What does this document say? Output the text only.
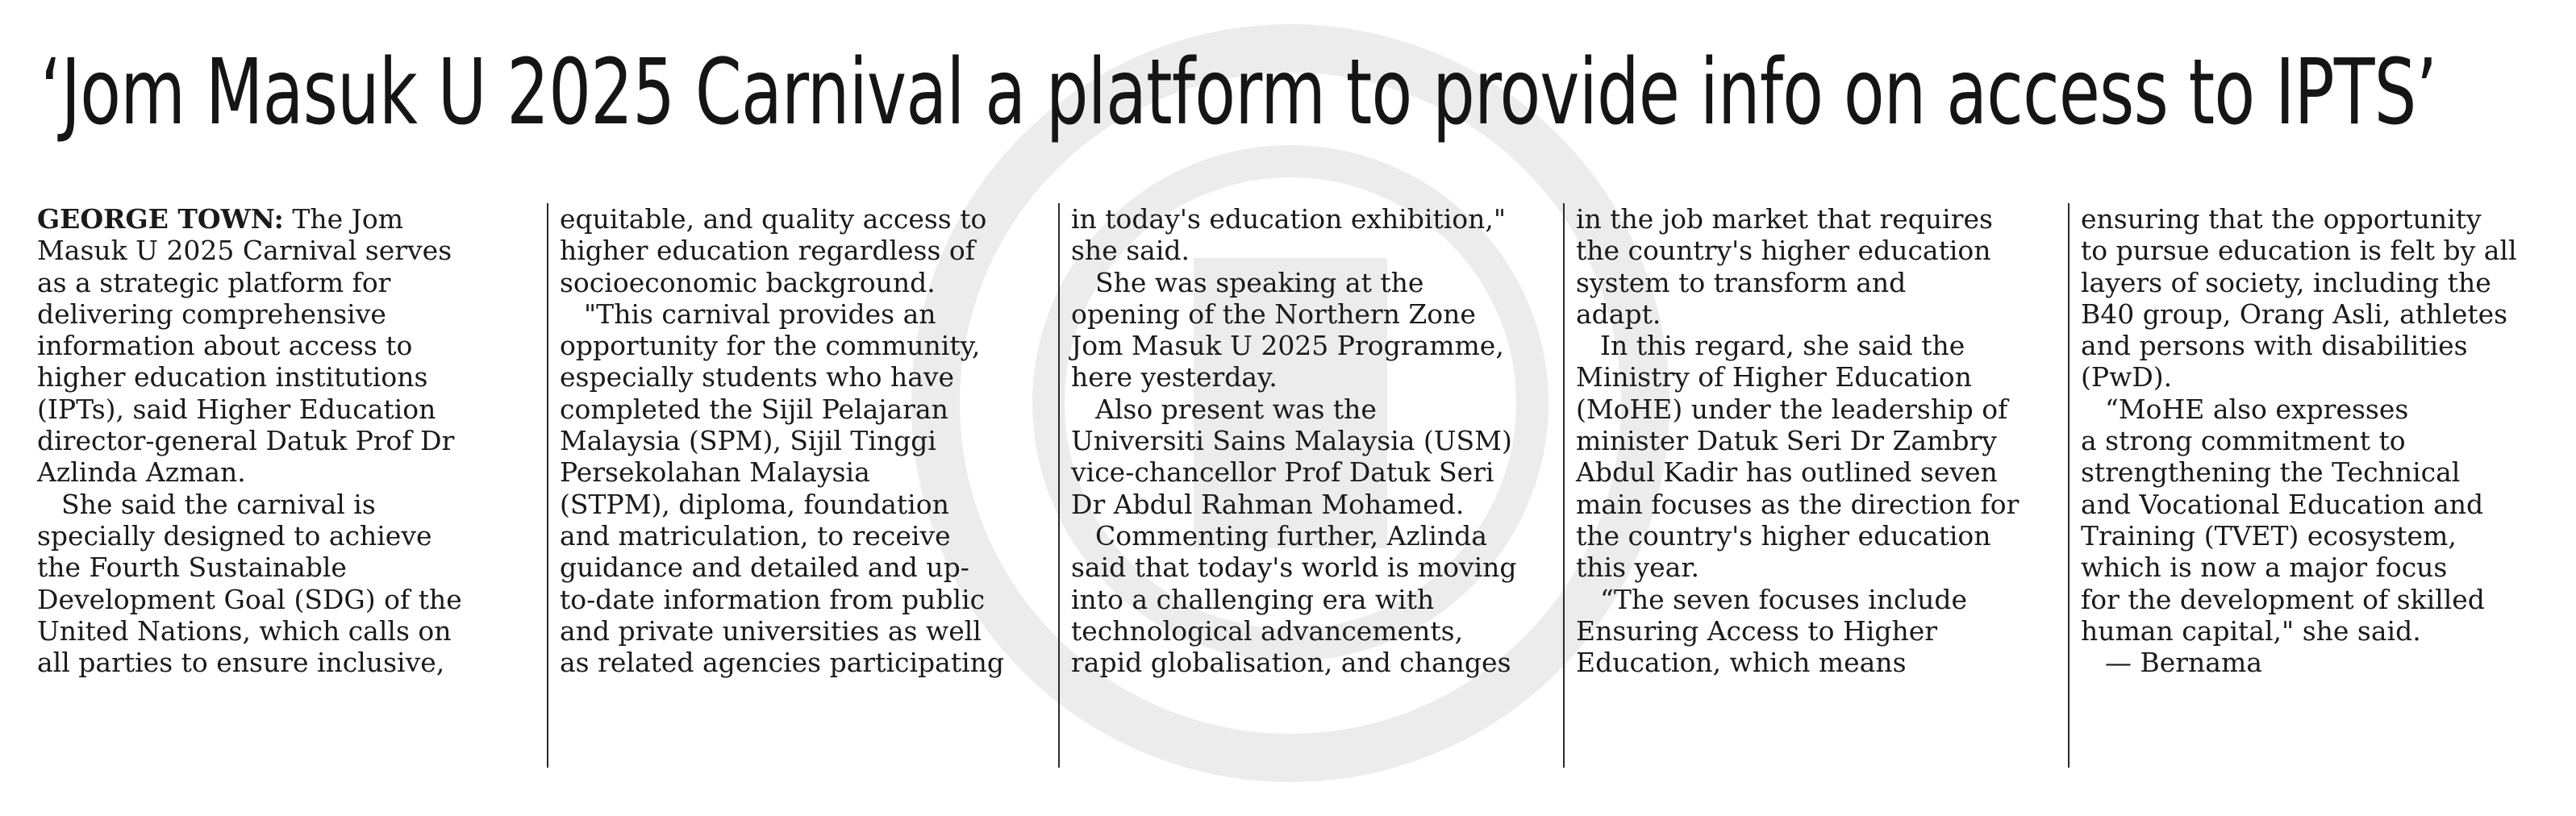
‘Jom Masuk U 2025 Carnival a platform to provide info on access to IPTS’

GEORGE TOWN: The Jom

Masuk U 2025 Carnival serves

as a strategic platform for

delivering comprehensive

information about access to

higher education institutions

(IPTs), said Higher Education

director-general Datuk Prof Dr

Azlinda Azman.

She said the carnival is

specially designed to achieve

the Fourth Sustainable

Development Goal (SDG) of the

United Nations, which calls on

all parties to ensure inclusive,

equitable, and quality access to

higher education regardless of

socioeconomic background.

"This carnival provides an

opportunity for the community,

especially students who have

completed the Sijil Pelajaran

Malaysia (SPM), Sijil Tinggi

Persekolahan Malaysia

(STPM), diploma, foundation

and matriculation, to receive

guidance and detailed and up-

to-date information from public

and private universities as well

as related agencies participating

in today's education exhibition,"

she said.

She was speaking at the

opening of the Northern Zone

Jom Masuk U 2025 Programme,

here yesterday.

Also present was the

Universiti Sains Malaysia (USM)

vice-chancellor Prof Datuk Seri

Dr Abdul Rahman Mohamed.

Commenting further, Azlinda

said that today's world is moving

into a challenging era with

technological advancements,

rapid globalisation, and changes

in the job market that requires

the country's higher education

system to transform and

adapt.

In this regard, she said the

Ministry of Higher Education

(MoHE) under the leadership of

minister Datuk Seri Dr Zambry

Abdul Kadir has outlined seven

main focuses as the direction for

the country's higher education

this year.

“The seven focuses include

Ensuring Access to Higher

Education, which means

ensuring that the opportunity

to pursue education is felt by all

layers of society, including the

B40 group, Orang Asli, athletes

and persons with disabilities

(PwD).

“MoHE also expresses

a strong commitment to

strengthening the Technical

and Vocational Education and

Training (TVET) ecosystem,

which is now a major focus

for the development of skilled

human capital," she said.

— Bernama
